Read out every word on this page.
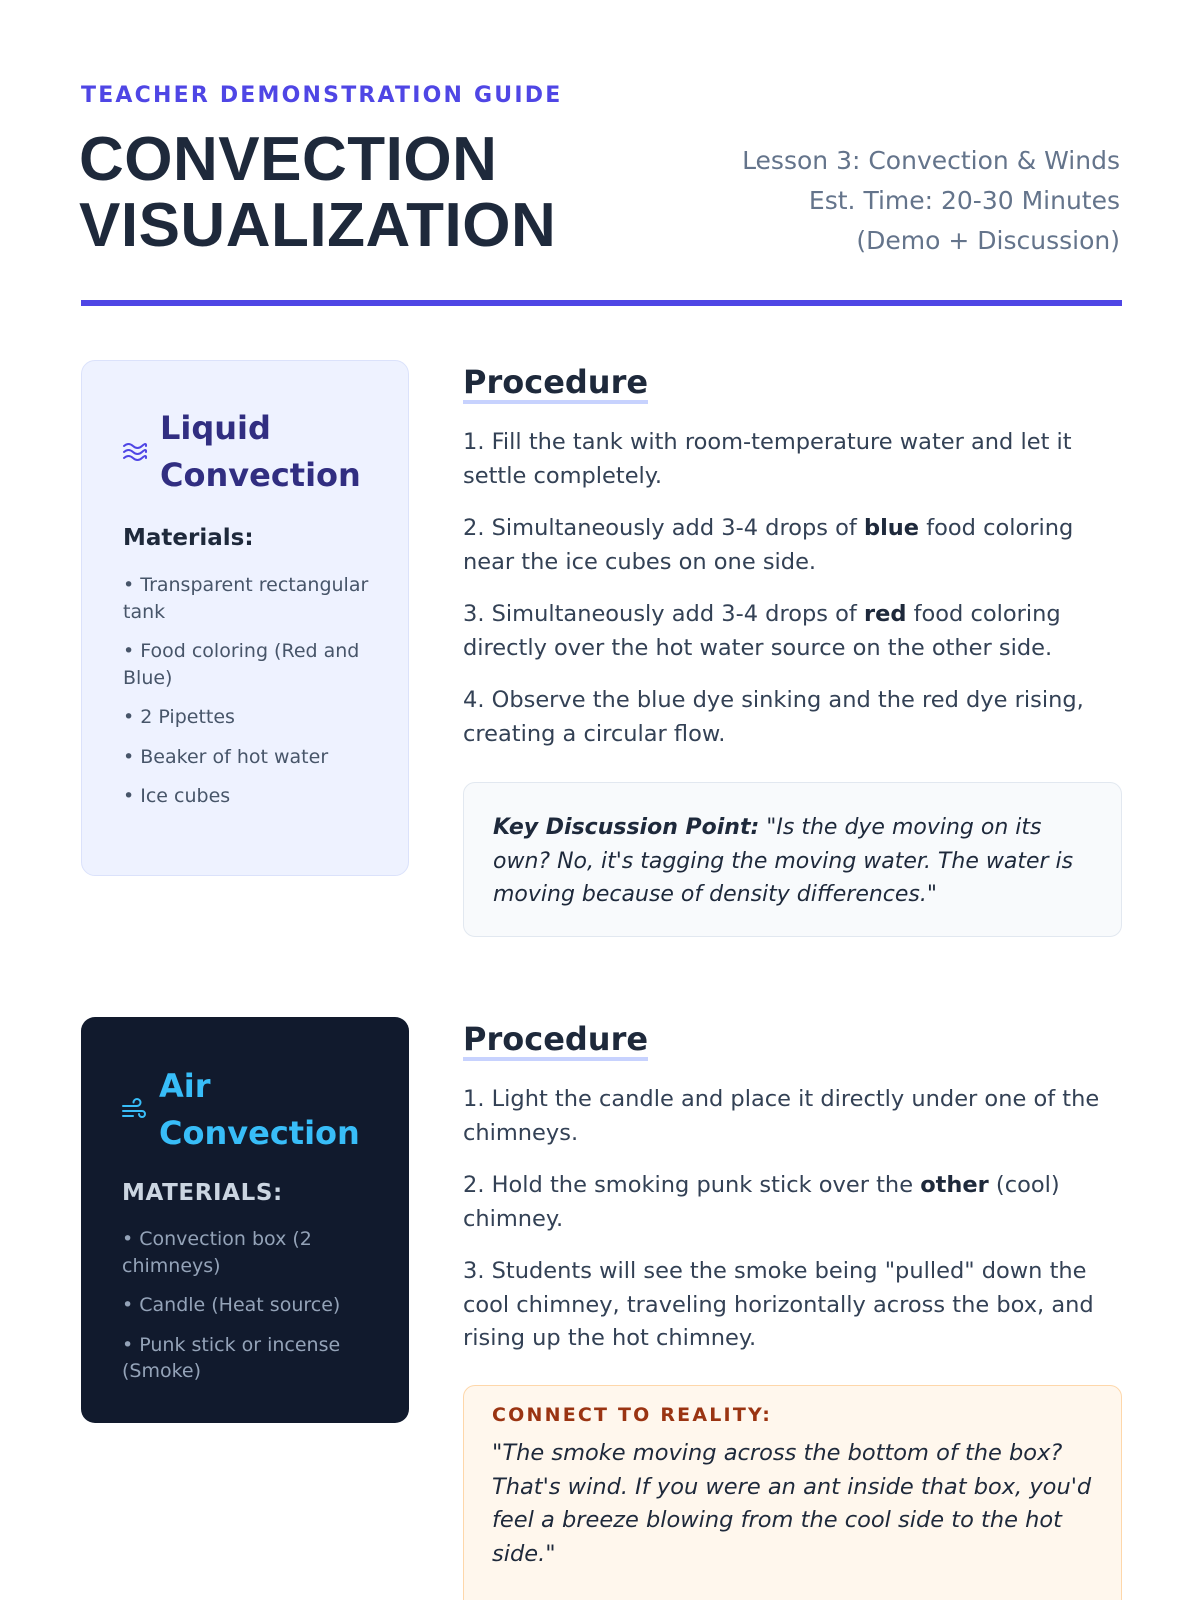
TEACHER DEMONSTRATION GUIDE
CONVECTION
VISUALIZATION
Lesson 3: Convection & Winds
Est. Time: 20-30 Minutes
(Demo + Discussion)
Liquid
Convection
Materials:
• Transparent rectangular tank
• Food coloring (Red and Blue)
• 2 Pipettes
• Beaker of hot water
• Ice cubes
Procedure

1. Fill the tank with room-temperature water and let it settle completely.

2. Simultaneously add 3-4 drops of blue food coloring near the ice cubes on one side.

3. Simultaneously add 3-4 drops of red food coloring directly over the hot water source on the other side.

4. Observe the blue dye sinking and the red dye rising, creating a circular flow.

Key Discussion Point: "Is the dye moving on its own? No, it's tagging the moving water. The water is moving because of density differences."
Air
Convection
MATERIALS:
• Convection box (2 chimneys)
• Candle (Heat source)
• Punk stick or incense (Smoke)
Procedure

1. Light the candle and place it directly under one of the chimneys.

2. Hold the smoking punk stick over the other (cool) chimney.

3. Students will see the smoke being "pulled" down the cool chimney, traveling horizontally across the box, and rising up the hot chimney.

CONNECT TO REALITY:
"The smoke moving across the bottom of the box? That's wind. If you were an ant inside that box, you'd feel a breeze blowing from the cool side to the hot side."
